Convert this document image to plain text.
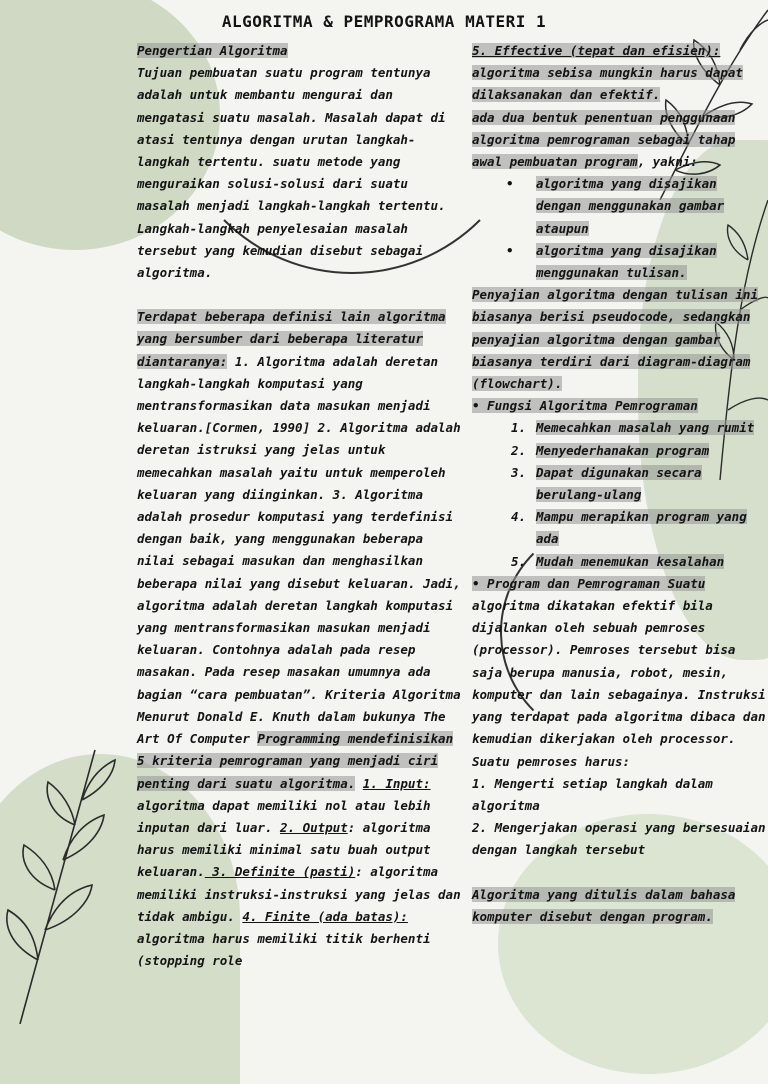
ALGORITMA & PEMPROGRAMA MATERI 1

Pengertian Algoritma

Tujuan pembuatan suatu program tentunya adalah untuk membantu mengurai dan mengatasi suatu masalah. Masalah dapat di atasi tentunya dengan urutan langkah-langkah tertentu. suatu metode yang menguraikan solusi-solusi dari suatu masalah menjadi langkah-langkah tertentu. Langkah-langkah penyelesaian masalah tersebut yang kemudian disebut sebagai algoritma.

Terdapat beberapa definisi lain algoritma yang bersumber dari beberapa literatur diantaranya: 1. Algoritma adalah deretan langkah-langkah komputasi yang mentransformasikan data masukan menjadi keluaran.[Cormen, 1990] 2. Algoritma adalah deretan istruksi yang jelas untuk memecahkan masalah yaitu untuk memperoleh keluaran yang diinginkan. 3. Algoritma adalah prosedur komputasi yang terdefinisi dengan baik, yang menggunakan beberapa nilai sebagai masukan dan menghasilkan beberapa nilai yang disebut keluaran. Jadi, algoritma adalah deretan langkah komputasi yang mentransformasikan masukan menjadi keluaran. Contohnya adalah pada resep masakan. Pada resep masakan umumnya ada bagian “cara pembuatan”. Kriteria Algoritma Menurut Donald E. Knuth dalam bukunya The Art Of Computer Programming mendefinisikan 5 kriteria pemrograman yang menjadi ciri penting dari suatu algoritma. 1. Input: algoritma dapat memiliki nol atau lebih inputan dari luar. 2. Output: algoritma harus memiliki minimal satu buah output keluaran. 3. Definite (pasti): algoritma memiliki instruksi-instruksi yang jelas dan tidak ambigu. 4. Finite (ada batas): algoritma harus memiliki titik berhenti (stopping role

5. Effective (tepat dan efisien):

algoritma sebisa mungkin harus dapat dilaksanakan dan efektif.

ada dua bentuk penentuan penggunaan algoritma pemrograman sebagai tahap awal pembuatan program, yakni:

• algoritma yang disajikan dengan menggunakan gambar ataupun
• algoritma yang disajikan menggunakan tulisan.

Penyajian algoritma dengan tulisan ini biasanya berisi pseudocode, sedangkan penyajian algoritma dengan gambar biasanya terdiri dari diagram-diagram (flowchart).

• Fungsi Algoritma Pemrograman

1. Memecahkan masalah yang rumit
2. Menyederhanakan program
3. Dapat digunakan secara berulang-ulang
4. Mampu merapikan program yang ada
5. Mudah menemukan kesalahan

• Program dan Pemrograman Suatu

algoritma dikatakan efektif bila dijalankan oleh sebuah pemroses (processor). Pemroses tersebut bisa saja berupa manusia, robot, mesin, komputer dan lain sebagainya. Instruksi yang terdapat pada algoritma dibaca dan kemudian dikerjakan oleh processor. Suatu pemroses harus:

1. Mengerti setiap langkah dalam algoritma

2. Mengerjakan operasi yang bersesuaian dengan langkah tersebut

Algoritma yang ditulis dalam bahasa komputer disebut dengan program.
